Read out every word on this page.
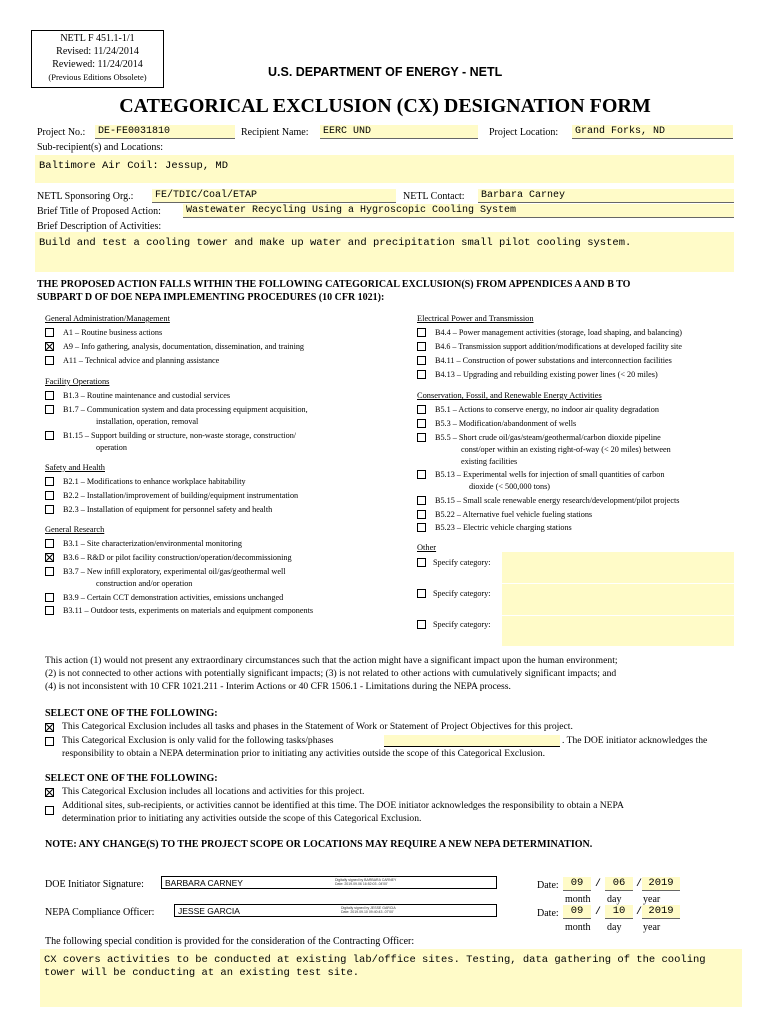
NETL F 451.1-1/1
Revised: 11/24/2014
Reviewed: 11/24/2014
(Previous Editions Obsolete)	U.S. DEPARTMENT OF ENERGY - NETL
CATEGORICAL EXCLUSION (CX) DESIGNATION FORM
Project No.:	DE-FE0031810	Recipient Name:	EERC UND	Project Location:	Grand Forks, ND
Sub-recipient(s) and Locations:
Baltimore Air Coil: Jessup, MD
NETL Sponsoring Org.:	FE/TDIC/Coal/ETAP	NETL Contact:	Barbara Carney
Brief Title of Proposed Action:	Wastewater Recycling Using a Hygroscopic Cooling System
Brief Description of Activities:
Build and test a cooling tower and make up water and precipitation small pilot cooling system.
THE PROPOSED ACTION FALLS WITHIN THE FOLLOWING CATEGORICAL EXCLUSION(S) FROM APPENDICES A AND B TO
SUBPART D OF DOE NEPA IMPLEMENTING PROCEDURES (10 CFR 1021):
General Administration/Management
A1 – Routine business actions
A9 – Info gathering, analysis, documentation, dissemination, and training
A11 – Technical advice and planning assistance
Facility Operations
B1.3 – Routine maintenance and custodial services
B1.7 – Communication system and data processing equipment acquisition,
installation, operation, removal
B1.15 – Support building or structure, non-waste storage, construction/
operation
Safety and Health
B2.1 – Modifications to enhance workplace habitability
B2.2 – Installation/improvement of building/equipment instrumentation
B2.3 – Installation of equipment for personnel safety and health
General Research
B3.1 – Site characterization/environmental monitoring
B3.6 – R&D or pilot facility construction/operation/decommissioning
B3.7 – New infill exploratory, experimental oil/gas/geothermal well
construction and/or operation
B3.9 – Certain CCT demonstration activities, emissions unchanged
B3.11 – Outdoor tests, experiments on materials and equipment components
Electrical Power and Transmission
B4.4 – Power management activities (storage, load shaping, and balancing)
B4.6 – Transmission support addition/modifications at developed facility site
B4.11 – Construction of power substations and interconnection facilities
B4.13 – Upgrading and rebuilding existing power lines (< 20 miles)
Conservation, Fossil, and Renewable Energy Activities
B5.1 – Actions to conserve energy, no indoor air quality degradation
B5.3 – Modification/abandonment of wells
B5.5 – Short crude oil/gas/steam/geothermal/carbon dioxide pipeline
const/oper within an existing right-of-way (< 20 miles) between
existing facilities
B5.13 – Experimental wells for injection of small quantities of carbon
dioxide (< 500,000 tons)
B5.15 – Small scale renewable energy research/development/pilot projects
B5.22 – Alternative fuel vehicle fueling stations
B5.23 – Electric vehicle charging stations
Other
Specify category:
Specify category:
Specify category:
This action (1) would not present any extraordinary circumstances such that the action might have a significant impact upon the human environment;
(2) is not connected to other actions with potentially significant impacts; (3) is not related to other actions with cumulatively significant impacts; and
(4) is not inconsistent with 10 CFR 1021.211 - Interim Actions or 40 CFR 1506.1 - Limitations during the NEPA process.
SELECT ONE OF THE FOLLOWING:
This Categorical Exclusion includes all tasks and phases in the Statement of Work or Statement of Project Objectives for this project.
This Categorical Exclusion is only valid for the following tasks/phases	. The DOE initiator acknowledges the
responsibility to obtain a NEPA determination prior to initiating any activities outside the scope of this Categorical Exclusion.
SELECT ONE OF THE FOLLOWING:
This Categorical Exclusion includes all locations and activities for this project.
Additional sites, sub-recipients, or activities cannot be identified at this time. The DOE initiator acknowledges the responsibility to obtain a NEPA
determination prior to initiating any activities outside the scope of this Categorical Exclusion.
NOTE: ANY CHANGE(S) TO THE PROJECT SCOPE OR LOCATIONS MAY REQUIRE A NEW NEPA DETERMINATION.
DOE Initiator Signature: BARBARA CARNEY	Digitally signed by BARBARA CARNEY
Date: 2019.09.06 16:52:03 -04'00'	Date:	09	/	06	/ 2019
month day year
NEPA Compliance Officer:	JESSE GARCIA	Digitally signed by JESSE GARCIA
Date: 2019.09.10 09:40:43 -07'00'	Date:	09	/	10	/ 2019
month day year
The following special condition is provided for the consideration of the Contracting Officer:
CX covers activities to be conducted at existing lab/office sites. Testing, data gathering of the cooling tower will be conducting at an existing test site.
